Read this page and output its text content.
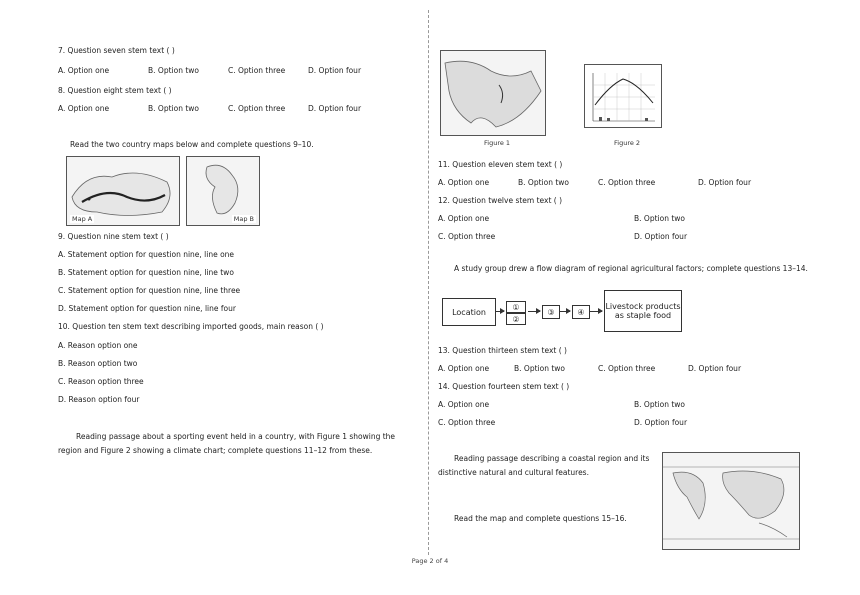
7. Question seven stem text ( )
A. Option one	B. Option two	C. Option three	D. Option four
8. Question eight stem text ( )
A. Option one	B. Option two	C. Option three	D. Option four
Read the two country maps below and complete questions 9–10.
Map A	Map B
9. Question nine stem text ( )
A. Statement option for question nine, line one
B. Statement option for question nine, line two
C. Statement option for question nine, line three
D. Statement option for question nine, line four
10. Question ten stem text describing imported goods, main reason ( )
A. Reason option one
B. Reason option two
C. Reason option three
D. Reason option four
Reading passage about a sporting event held in a country, with Figure 1 showing the region and Figure 2 showing a climate chart; complete questions 11–12 from these.
Figure 1	Figure 2
11. Question eleven stem text ( )
A. Option one	B. Option two	C. Option three	D. Option four
12. Question twelve stem text ( )
A. Option one	B. Option two
C. Option three	D. Option four
A study group drew a flow diagram of regional agricultural factors; complete questions 13–14.
Location
①
②
③	④
Livestock products as staple food
13. Question thirteen stem text ( )
A. Option one	B. Option two	C. Option three	D. Option four
14. Question fourteen stem text ( )
A. Option one	B. Option two
C. Option three	D. Option four
Reading passage describing a coastal region and its distinctive natural and cultural features.
Read the map and complete questions 15–16.
Page 2 of 4
